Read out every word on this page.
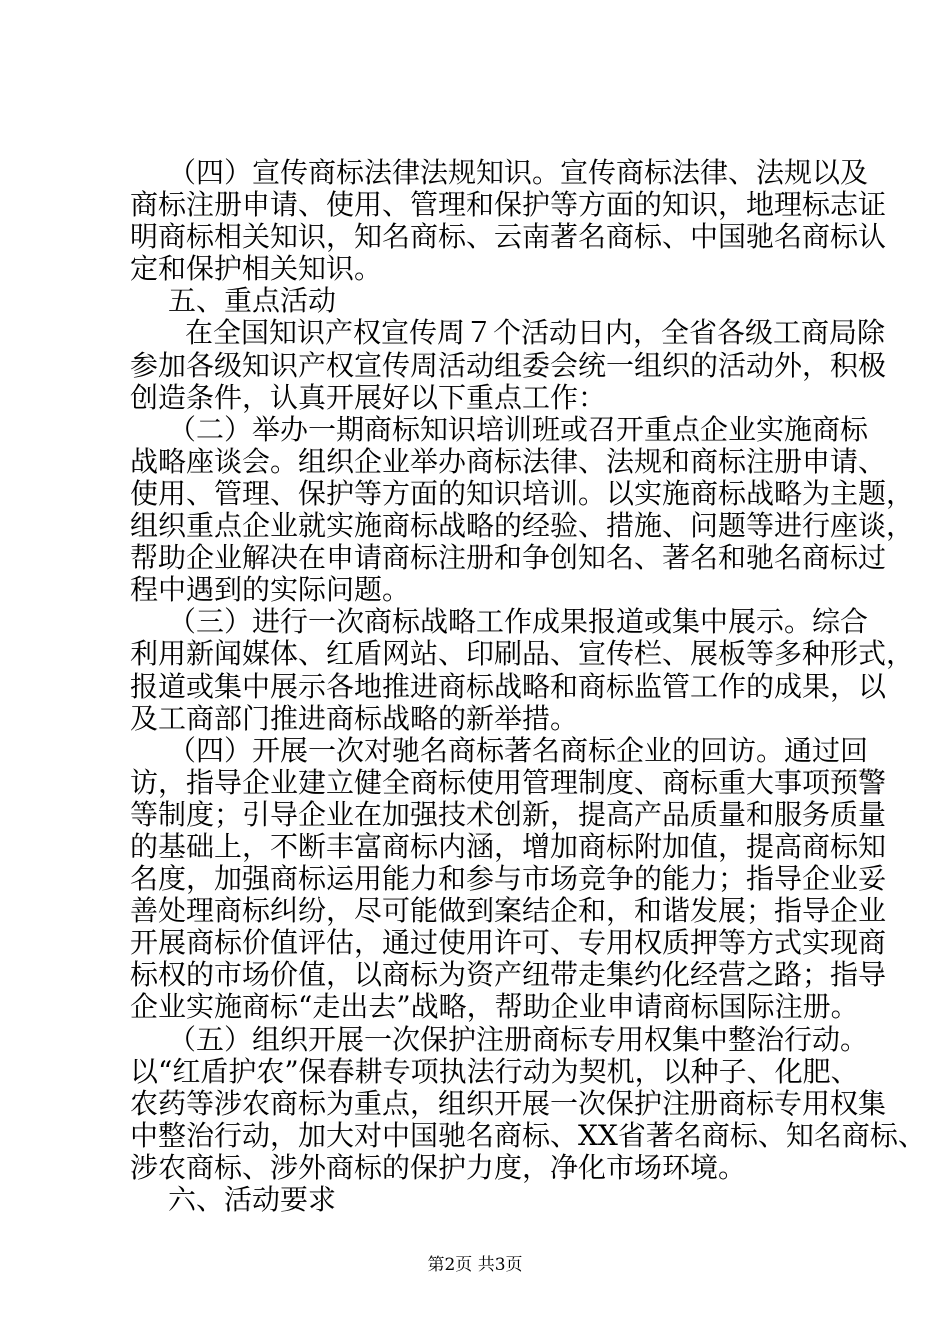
（四）宣传商标法律法规知识。宣传商标法律、法规以及
商标注册申请、使用、管理和保护等方面的知识，地理标志证
明商标相关知识，知名商标、云南著名商标、中国驰名商标认
定和保护相关知识。
五、重点活动
在全国知识产权宣传周７个活动日内，全省各级工商局除
参加各级知识产权宣传周活动组委会统一组织的活动外，积极
创造条件，认真开展好以下重点工作：
（二）举办一期商标知识培训班或召开重点企业实施商标
战略座谈会。组织企业举办商标法律、法规和商标注册申请、
使用、管理、保护等方面的知识培训。以实施商标战略为主题，
组织重点企业就实施商标战略的经验、措施、问题等进行座谈，
帮助企业解决在申请商标注册和争创知名、著名和驰名商标过
程中遇到的实际问题。
（三）进行一次商标战略工作成果报道或集中展示。综合
利用新闻媒体、红盾网站、印刷品、宣传栏、展板等多种形式，
报道或集中展示各地推进商标战略和商标监管工作的成果，以
及工商部门推进商标战略的新举措。
（四）开展一次对驰名商标著名商标企业的回访。通过回
访，指导企业建立健全商标使用管理制度、商标重大事项预警
等制度；引导企业在加强技术创新，提高产品质量和服务质量
的基础上，不断丰富商标内涵，增加商标附加值，提高商标知
名度，加强商标运用能力和参与市场竞争的能力；指导企业妥
善处理商标纠纷，尽可能做到案结企和，和谐发展；指导企业
开展商标价值评估，通过使用许可、专用权质押等方式实现商
标权的市场价值，以商标为资产纽带走集约化经营之路；指导
企业实施商标“走出去”战略，帮助企业申请商标国际注册。
（五）组织开展一次保护注册商标专用权集中整治行动。
以“红盾护农”保春耕专项执法行动为契机，以种子、化肥、
农药等涉农商标为重点，组织开展一次保护注册商标专用权集
中整治行动，加大对中国驰名商标、XX省著名商标、知名商标、
涉农商标、涉外商标的保护力度，净化市场环境。
六、活动要求
第2页 共3页
